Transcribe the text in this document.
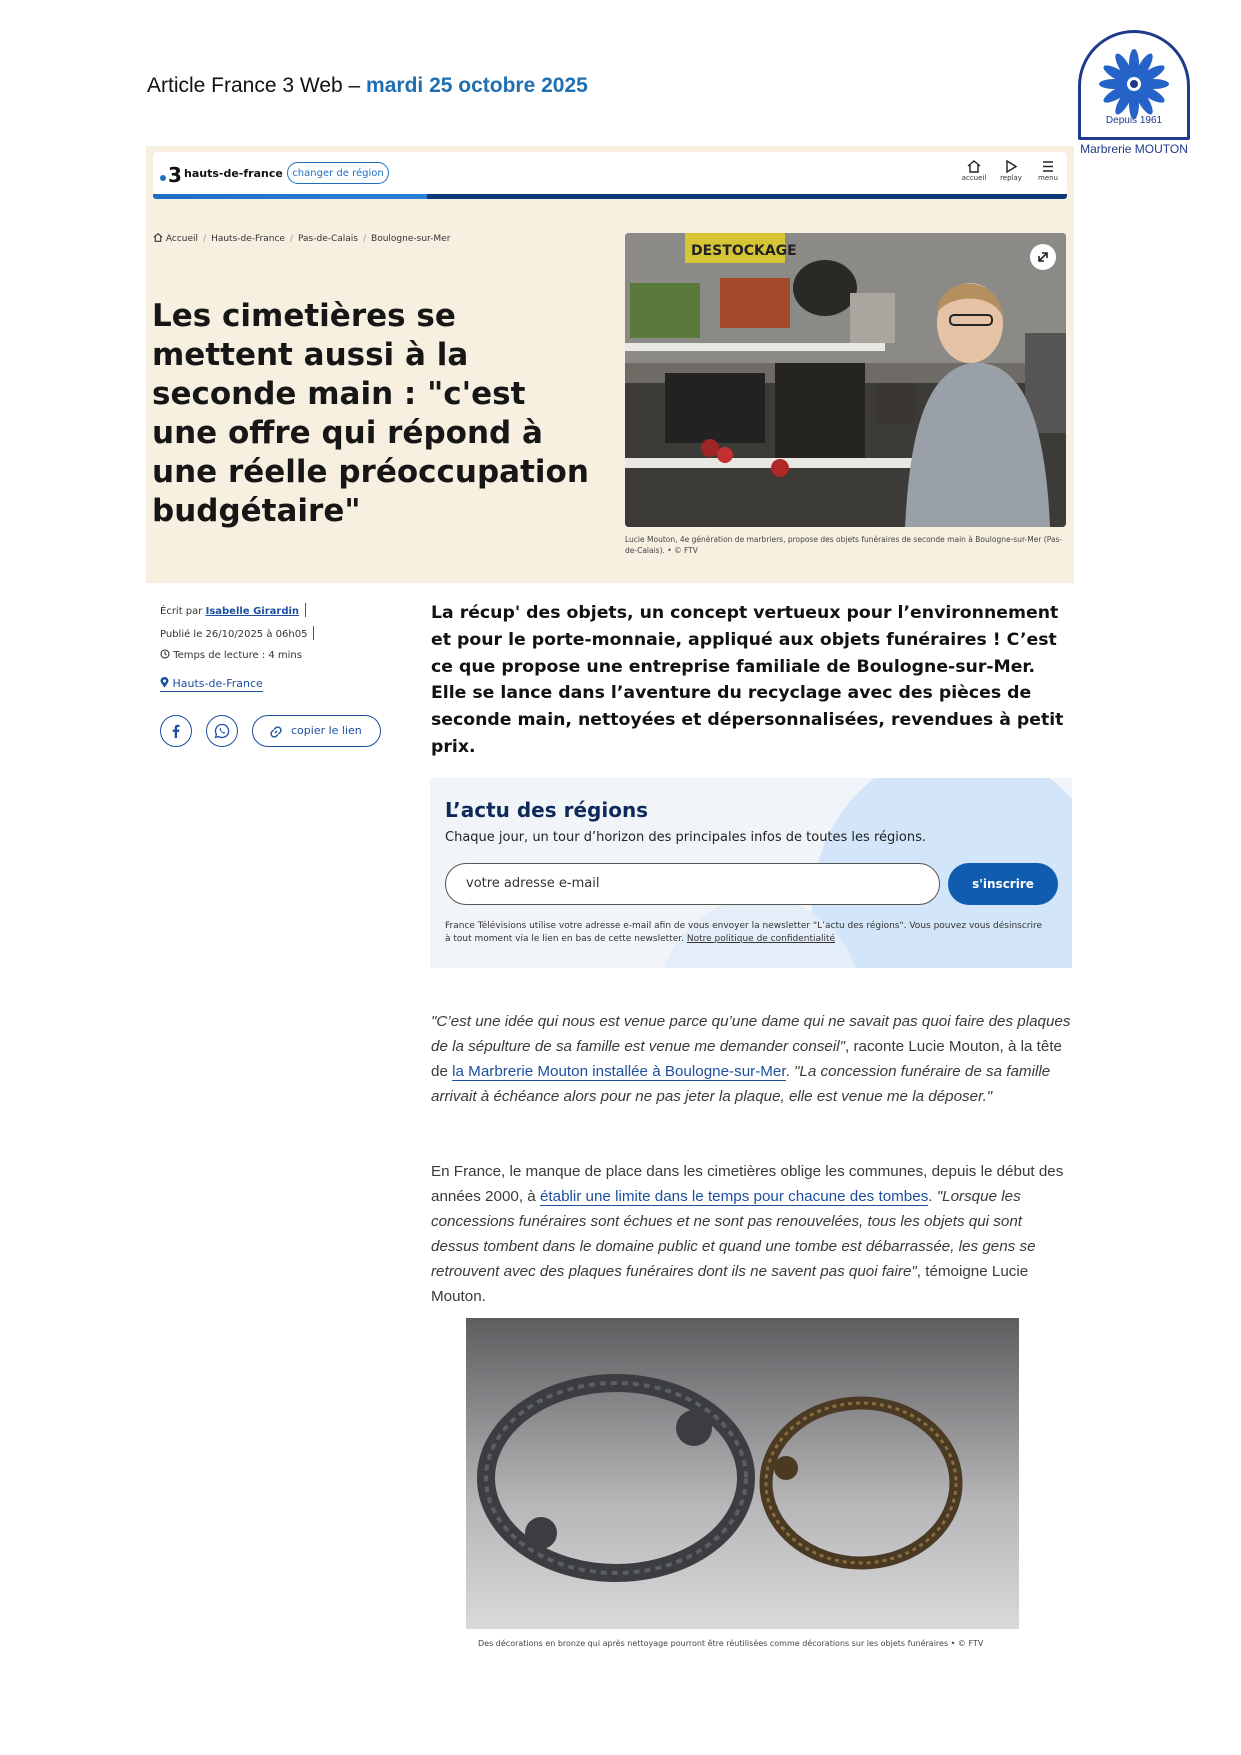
Article France 3 Web – mardi 25 octobre 2025
Depuis 1961
Marbrerie MOUTON
3 hauts-de-france changer de région	accueil	replay	menu
Accueil / Hauts-de-France / Pas-de-Calais / Boulogne-sur-Mer
Les cimetières se mettent aussi à la seconde main : "c'est une offre qui répond à une réelle préoccupation budgétaire"
DESTOCKAGE
Lucie Mouton, 4e génération de marbriers, propose des objets funéraires de seconde main à Boulogne-sur-Mer (Pas-de-Calais). • © FTV
Écrit par Isabelle Girardin
Publié le 26/10/2025 à 06h05
Temps de lecture : 4 mins
Hauts-de-France
copier le lien

La récup' des objets, un concept vertueux pour l’environnement et pour le porte-monnaie, appliqué aux objets funéraires ! C’est ce que propose une entreprise familiale de Boulogne-sur-Mer. Elle se lance dans l’aventure du recyclage avec des pièces de seconde main, nettoyées et dépersonnalisées, revendues à petit prix.

L’actu des régions
Chaque jour, un tour d’horizon des principales infos de toutes les régions.
votre adresse e-mail	s'inscrire
France Télévisions utilise votre adresse e-mail afin de vous envoyer la newsletter "L’actu des régions". Vous pouvez vous désinscrire à tout moment via le lien en bas de cette newsletter. Notre politique de confidentialité

"C’est une idée qui nous est venue parce qu’une dame qui ne savait pas quoi faire des plaques de la sépulture de sa famille est venue me demander conseil", raconte Lucie Mouton, à la tête de la Marbrerie Mouton installée à Boulogne-sur-Mer. "La concession funéraire de sa famille arrivait à échéance alors pour ne pas jeter la plaque, elle est venue me la déposer."

En France, le manque de place dans les cimetières oblige les communes, depuis le début des années 2000, à établir une limite dans le temps pour chacune des tombes. "Lorsque les concessions funéraires sont échues et ne sont pas renouvelées, tous les objets qui sont dessus tombent dans le domaine public et quand une tombe est débarrassée, les gens se retrouvent avec des plaques funéraires dont ils ne savent pas quoi faire", témoigne Lucie Mouton.

Des décorations en bronze qui après nettoyage pourront être réutilisées comme décorations sur les objets funéraires • © FTV
